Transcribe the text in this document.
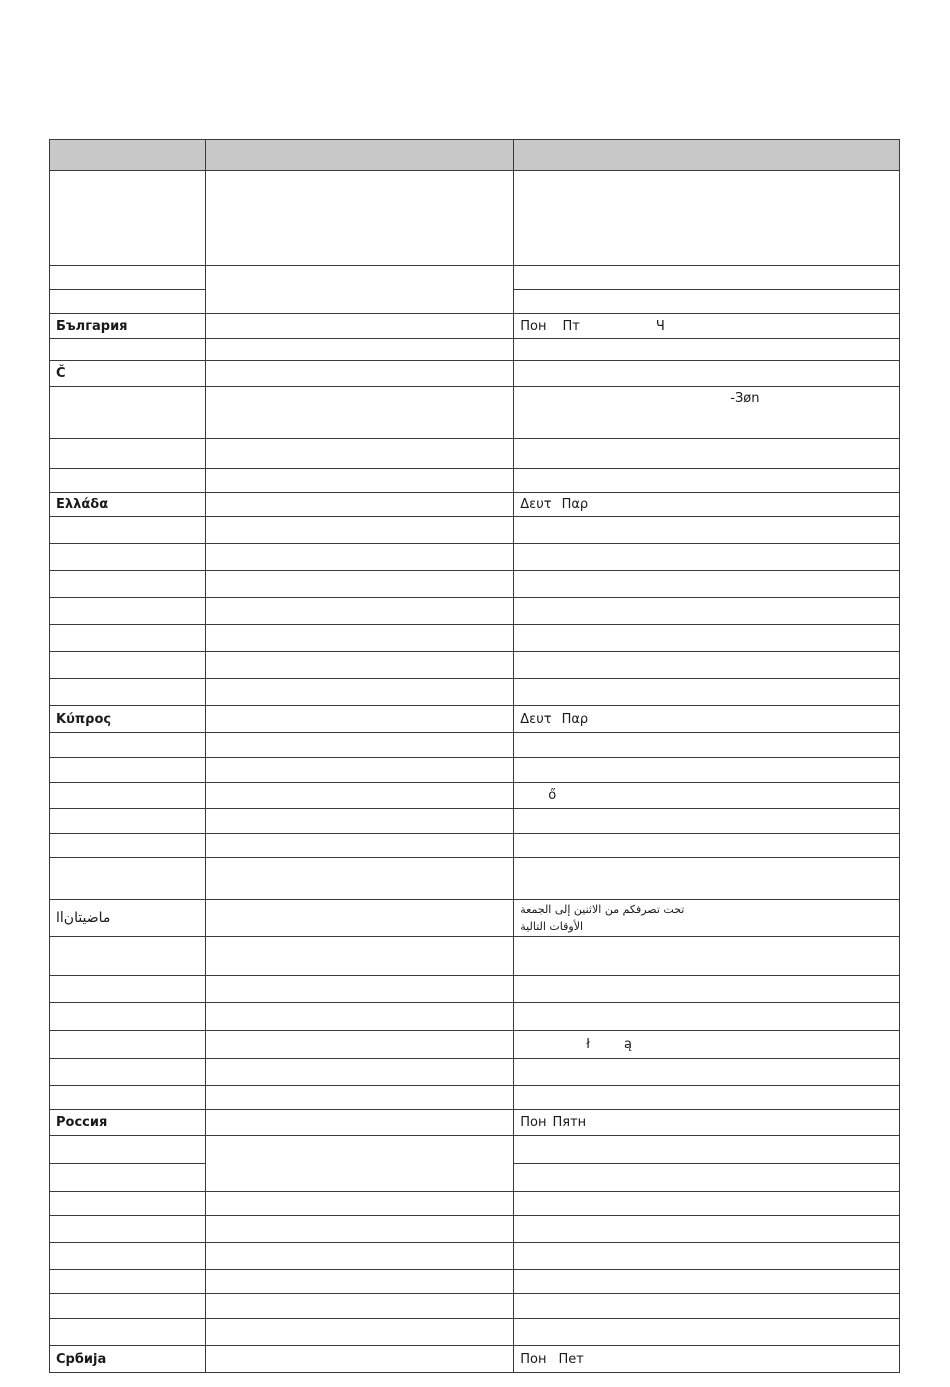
България		Пон Пт Ч

Č		
		-Зøn

Ελλάδα		Δευτ Παρ

Κύπρος		Δευτ Παρ

		ő

اlماضيتان		تحت تصرفكم من الاثنين إلى الجمعة
الأوقات التالية

		ł ą

Россия		Пон Пятн

Србија		Пон Пет
